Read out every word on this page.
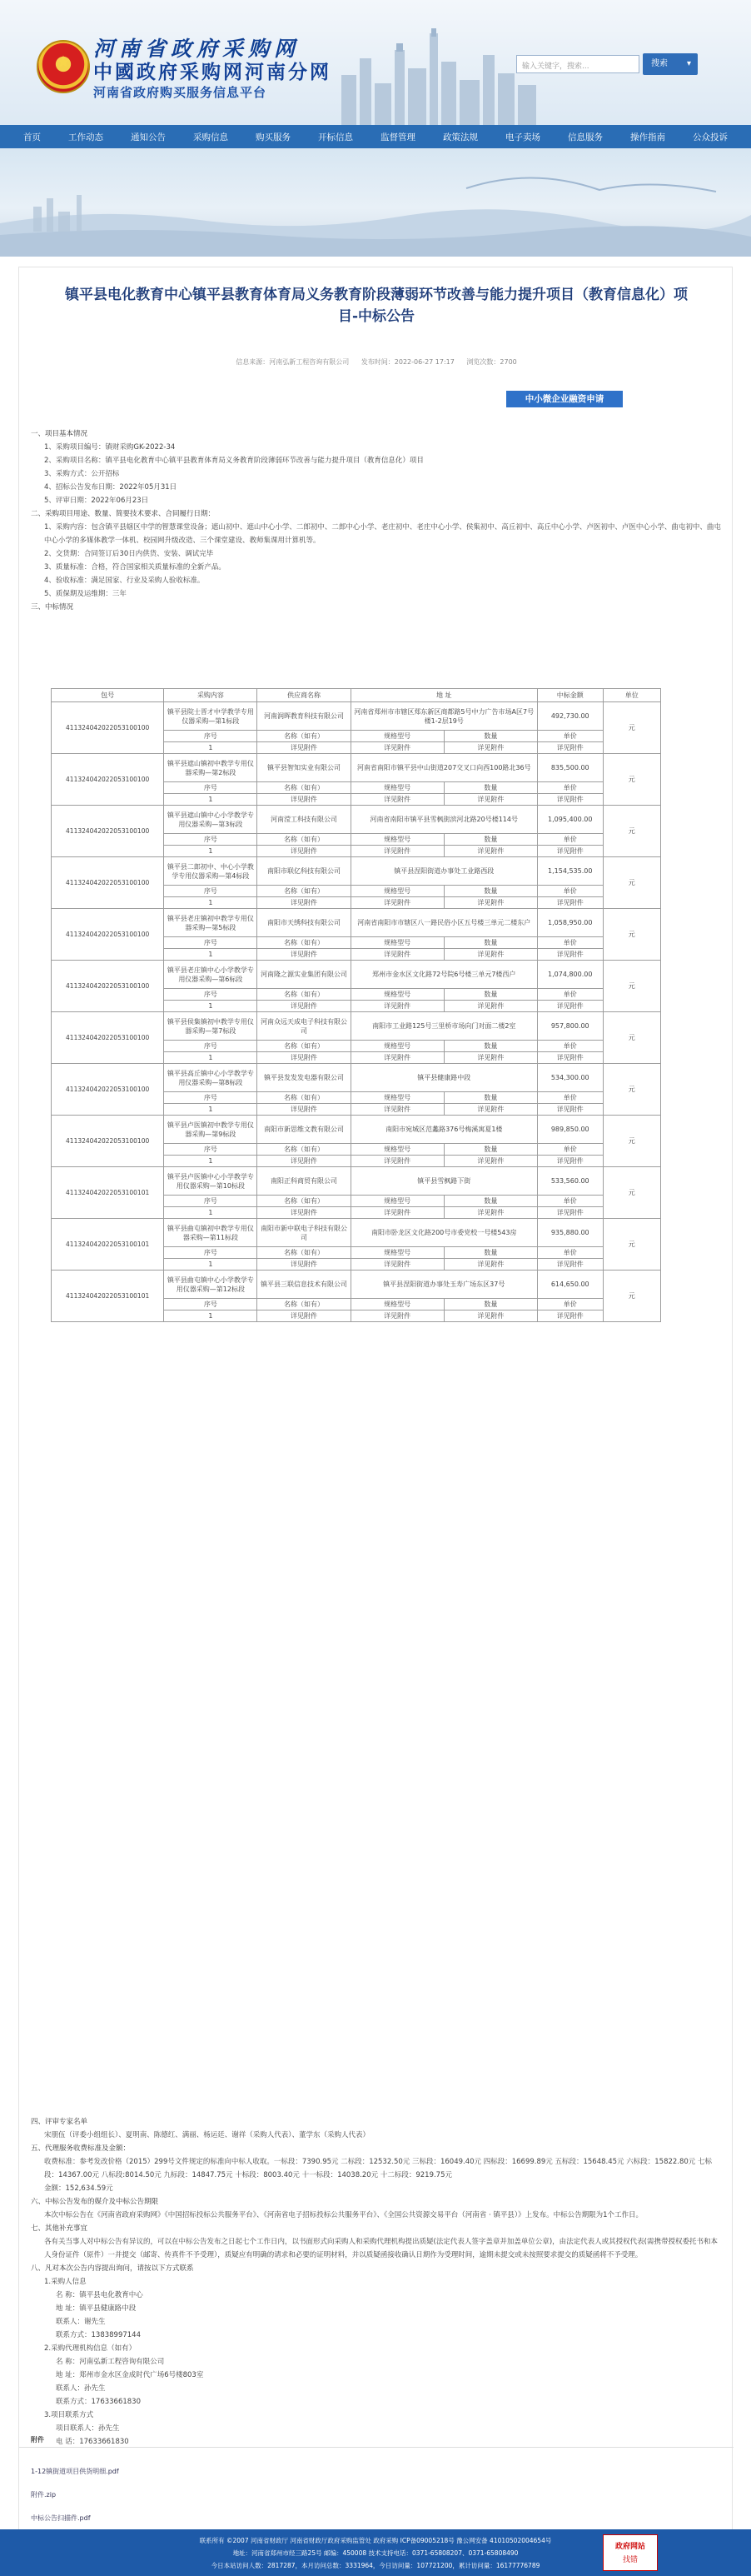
★
河南省政府采购网
中國政府采购网河南分网
河南省政府购买服务信息平台
输入关键字，搜索...	搜索 ▾
首页	工作动态	通知公告	采购信息	购买服务	开标信息	监督管理	政策法规	电子卖场	信息服务	操作指南	公众投诉
镇平县电化教育中心镇平县教育体育局义务教育阶段薄弱环节改善与能力提升项目（教育信息化）项目-中标公告
信息来源：河南弘新工程咨询有限公司 发布时间：2022-06-27 17:17 浏览次数：2700
中小微企业融资申请
一、项目基本情况
1、采购项目编号：镇财采购GK-2022-34
2、采购项目名称：镇平县电化教育中心镇平县教育体育局义务教育阶段薄弱环节改善与能力提升项目（教育信息化）项目
3、采购方式：公开招标
4、招标公告发布日期：2022年05月31日
5、评审日期：2022年06月23日
二、采购项目用途、数量、简要技术要求、合同履行日期：
1、采购内容：包含镇平县辖区中学的智慧课堂设备；遮山初中、遮山中心小学、二郎初中、二郎中心小学、老庄初中、老庄中心小学、侯集初中、高丘初中、高丘中心小学、卢医初中、卢医中心小学、曲屯初中、曲屯中心小学的多媒体教学一体机、校园网升级改造、三个课堂建设、教师集课用计算机等。
2、交货期：合同签订后30日内供货、安装、调试完毕
3、质量标准：合格，符合国家相关质量标准的全新产品。
4、验收标准：满足国家、行业及采购人验收标准。
5、质保期及运维期：三年
三、中标情况
包号	采购内容	供应商名称	地 址		中标金额	单位
411324042022053100100	镇平县院士晋才中学教学专用仪器采购—第1标段	河南润晖教育科技有限公司	河南省郑州市市辖区郑东新区商都路5号中力广告市场A区7号楼1-2层19号		492,730.00	元
	序号	名称（如有）	规格型号	数量	单价	
	1	详见附件	详见附件	详见附件	详见附件	
411324042022053100100	镇平县遮山镇初中教学专用仪器采购—第2标段	镇平县智知实业有限公司	河南省南阳市镇平县中山街道207交叉口向西100路北36号		835,500.00	元
	序号	名称（如有）	规格型号	数量	单价	
	1	详见附件	详见附件	详见附件	详见附件	
411324042022053100100	镇平县遮山镇中心小学教学专用仪器采购—第3标段	河南滢工科技有限公司	河南省南阳市镇平县雪枫街滨河北路20号楼114号		1,095,400.00	元
	序号	名称（如有）	规格型号	数量	单价	
	1	详见附件	详见附件	详见附件	详见附件	
411324042022053100100	镇平县二郎初中、中心小学教学专用仪器采购—第4标段	南阳市联亿科技有限公司	镇平县涅阳街道办事处工业路西段		1,154,535.00	元
	序号	名称（如有）	规格型号	数量	单价	
	1	详见附件	详见附件	详见附件	详见附件	
411324042022053100100	镇平县老庄镇初中教学专用仪器采购—第5标段	南阳市天绣科技有限公司	河南省南阳市市辖区八一路民俗小区五号楼三单元二楼东户		1,058,950.00	元
	序号	名称（如有）	规格型号	数量	单价	
	1	详见附件	详见附件	详见附件	详见附件	
411324042022053100100	镇平县老庄镇中心小学教学专用仪器采购—第6标段	河南隆之源实业集团有限公司	郑州市金水区文化路72号院6号楼三单元7楼西户		1,074,800.00	元
	序号	名称（如有）	规格型号	数量	单价	
	1	详见附件	详见附件	详见附件	详见附件	
411324042022053100100	镇平县侯集镇初中教学专用仪器采购—第7标段	河南众远天成电子科技有限公司	南阳市工业路125号三里桥市场向门对面二楼2室		957,800.00	元
	序号	名称（如有）	规格型号	数量	单价	
	1	详见附件	详见附件	详见附件	详见附件	
411324042022053100100	镇平县高丘镇中心小学教学专用仪器采购—第8标段	镇平县发发发电器有限公司	镇平县健康路中段		534,300.00	元
	序号	名称（如有）	规格型号	数量	单价	
	1	详见附件	详见附件	详见附件	详见附件	
411324042022053100100	镇平县卢医镇初中教学专用仪器采购—第9标段	南阳市新思维文教有限公司	南阳市宛城区范蠡路376号梅溪寓夏1楼		989,850.00	元
	序号	名称（如有）	规格型号	数量	单价	
	1	详见附件	详见附件	详见附件	详见附件	
411324042022053100101	镇平县卢医镇中心小学教学专用仪器采购—第10标段	南阳正科商贸有限公司	镇平县雪枫路下街		533,560.00	元
	序号	名称（如有）	规格型号	数量	单价	
	1	详见附件	详见附件	详见附件	详见附件	
411324042022053100101	镇平县曲屯镇初中教学专用仪器采购—第11标段	南阳市新中联电子科技有限公司	南阳市卧龙区文化路200号市委党校一号楼543房		935,880.00	元
	序号	名称（如有）	规格型号	数量	单价	
	1	详见附件	详见附件	详见附件	详见附件	
411324042022053100101	镇平县曲屯镇中心小学教学专用仪器采购—第12标段	镇平县三联信息技术有限公司	镇平县涅阳街道办事处玉寿广场东区37号		614,650.00	元
	序号	名称（如有）	规格型号	数量	单价	
	1	详见附件	详见附件	详见附件	详见附件	
四、评审专家名单
宋朋伍（评委小组组长）、夏明南、陈德红、满丽、杨运廷、谢祥（采购人代表）、董学东（采购人代表）
五、代理服务收费标准及金额：
收费标准：参考发改价格（2015）299号文件规定的标准向中标人收取。一标段：7390.95元 二标段：12532.50元 三标段：16049.40元 四标段：16699.89元 五标段：15648.45元 六标段：15822.80元 七标段：14367.00元 八标段:8014.50元 九标段：14847.75元 十标段：8003.40元 十一标段：14038.20元 十二标段：9219.75元
金额：152,634.59元
六、中标公告发布的媒介及中标公告期限
本次中标公告在《河南省政府采购网》《中国招标投标公共服务平台》、《河南省电子招标投标公共服务平台》、《全国公共资源交易平台（河南省 · 镇平县）》上发布。中标公告期限为1个工作日。
七、其他补充事宜
各有关当事人对中标公告有异议的，可以在中标公告发布之日起七个工作日内，以书面形式向采购人和采购代理机构提出质疑(法定代表人签字盖章并加盖单位公章)，由法定代表人或其授权代表(需携带授权委托书和本人身份证件（原件）一并提交（邮寄、传真件不予受理），质疑应有明确的请求和必要的证明材料，并以质疑函接收确认日期作为受理时间，逾期未提交或未按照要求提交的质疑函将不予受理。
八、凡对本次公告内容提出询问，请按以下方式联系
1.采购人信息
名 称：镇平县电化教育中心
地 址：镇平县健康路中段
联系人：谢先生
联系方式：13838997144
2.采购代理机构信息（如有）
名 称：河南弘新工程咨询有限公司
地 址：郑州市金水区金成时代广场6号楼803室
联系人：孙先生
联系方式：17633661830
3.项目联系方式
项目联系人：孙先生
电 话：17633661830
附件
1-12镇街道项目供货明细.pdf
附件.zip
中标公告扫描件.pdf
联系所有 ©2007 河南省财政厅 河南省财政厅政府采购监管处 政府采购 ICP备09005218号 豫公网安备 41010502004654号
地址：河南省郑州市经三路25号 邮编：450008 技术支持电话：0371-65808207、0371-65808490
今日本站访问人数：2817287，本月访问总数：3331964，今日访问量：107721200，累计访问量：16177776789
政府网站
找错
